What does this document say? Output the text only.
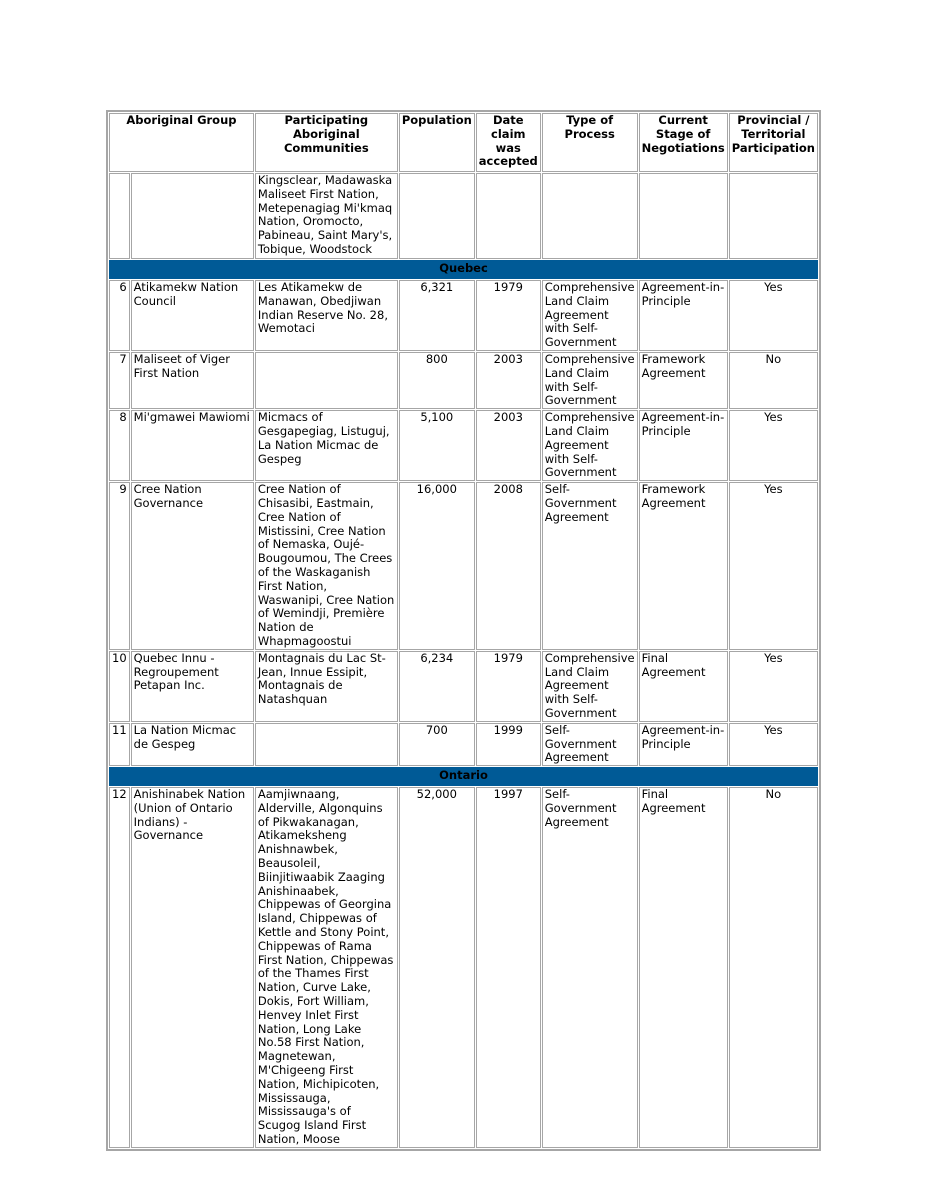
Aboriginal Group		Participating Aboriginal Communities	Population	Date claim was accepted	Type of Process	Current Stage of Negotiations	Provincial / Territorial Participation
		Kingsclear, Madawaska Maliseet First Nation, Metepenagiag Mi'kmaq Nation, Oromocto, Pabineau, Saint Mary's, Tobique, Woodstock					
Quebec							
6	Atikamekw Nation Council	Les Atikamekw de Manawan, Obedjiwan Indian Reserve No. 28, Wemotaci	6,321	1979	Comprehensive Land Claim Agreement with Self-Government	Agreement-in-Principle	Yes
7	Maliseet of Viger First Nation		800	2003	Comprehensive Land Claim with Self-Government	Framework Agreement	No
8	Mi'gmawei Mawiomi	Micmacs of Gesgapegiag, Listuguj, La Nation Micmac de Gespeg	5,100	2003	Comprehensive Land Claim Agreement with Self-Government	Agreement-in-Principle	Yes
9	Cree Nation Governance	Cree Nation of Chisasibi, Eastmain, Cree Nation of Mistissini, Cree Nation of Nemaska, Oujé-Bougoumou, The Crees of the Waskaganish First Nation, Waswanipi, Cree Nation of Wemindji, Première Nation de Whapmagoostui	16,000	2008	Self-Government Agreement	Framework Agreement	Yes
10	Quebec Innu - Regroupement Petapan Inc.	Montagnais du Lac St-Jean, Innue Essipit, Montagnais de Natashquan	6,234	1979	Comprehensive Land Claim Agreement with Self-Government	Final Agreement	Yes
11	La Nation Micmac de Gespeg		700	1999	Self-Government Agreement	Agreement-in-Principle	Yes
Ontario							
12	Anishinabek Nation (Union of Ontario Indians) - Governance	Aamjiwnaang, Alderville, Algonquins of Pikwakanagan, Atikameksheng Anishnawbek, Beausoleil, Biinjitiwaabik Zaaging Anishinaabek, Chippewas of Georgina Island, Chippewas of Kettle and Stony Point, Chippewas of Rama First Nation, Chippewas of the Thames First Nation, Curve Lake, Dokis, Fort William, Henvey Inlet First Nation, Long Lake No.58 First Nation, Magnetewan, M'Chigeeng First Nation, Michipicoten, Mississauga, Mississauga's of Scugog Island First Nation, Moose	52,000	1997	Self-Government Agreement	Final Agreement	No
